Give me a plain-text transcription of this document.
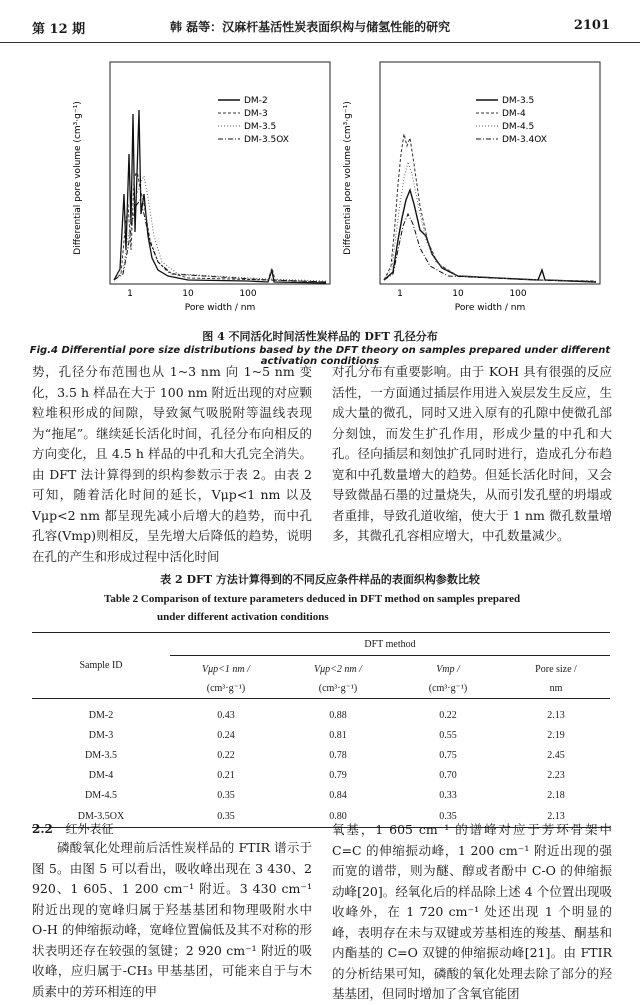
第 12 期	韩 磊等：汉麻杆基活性炭表面织构与储氢性能的研究	2101
Differential pore volume (cm³·g⁻¹)
Pore width / nm
1	10	100
DM-2
DM-3
DM-3.5
DM-3.5OX	Differential pore volume (cm³·g⁻¹)
Pore width / nm
1	10	100
DM-3.5
DM-4
DM-4.5
DM-3.4OX
图 4 不同活化时间活性炭样品的 DFT 孔径分布
Fig.4 Differential pore size distributions based by the DFT theory on samples prepared under different activation conditions

势，孔径分布范围也从 1~3 nm 向 1~5 nm 变化，3.5 h 样品在大于 100 nm 附近出现的对应颗粒堆积形成的间隙，导致氮气吸脱附等温线表现为“拖尾”。继续延长活化时间，孔径分布向相反的方向变化，且 4.5 h 样品的中孔和大孔完全消失。由 DFT 法计算得到的织构参数示于表 2。由表 2 可知，随着活化时间的延长，Vμp<1 nm 以及 Vμp<2 nm 都呈现先减小后增大的趋势，而中孔孔容(Vmp)则相反，呈先增大后降低的趋势，说明在孔的产生和形成过程中活化时间

对孔分布有重要影响。由于 KOH 具有很强的反应活性，一方面通过插层作用进入炭层发生反应，生成大量的微孔，同时又进入原有的孔隙中使微孔部分刻蚀，而发生扩孔作用，形成少量的中孔和大孔。径向插层和刻蚀扩孔同时进行，造成孔分布趋宽和中孔数量增大的趋势。但延长活化时间，又会导致微晶石墨的过量烧失，从而引发孔壁的坍塌或者重排，导致孔道收缩，使大于 1 nm 微孔数量增多，其微孔孔容相应增大，中孔数量减少。

表 2 DFT 方法计算得到的不同反应条件样品的表面织构参数比较
Table 2 Comparison of texture parameters deduced in DFT method on samples prepared
under different activation conditions
Sample ID	DFT method			
	Vμp<1 nm /	Vμp<2 nm /	Vmp /	Pore size /
	(cm³·g⁻¹)	(cm³·g⁻¹)	(cm³·g⁻¹)	nm
DM-2	0.43	0.88	0.22	2.13
DM-3	0.24	0.81	0.55	2.19
DM-3.5	0.22	0.78	0.75	2.45
DM-4	0.21	0.79	0.70	2.23
DM-4.5	0.35	0.84	0.33	2.18
DM-3.5OX	0.35	0.80	0.35	2.13
2.2 红外表征

磷酸氧化处理前后活性炭样品的 FTIR 谱示于图 5。由图 5 可以看出，吸收峰出现在 3 430、2 920、1 605、1 200 cm⁻¹ 附近。3 430 cm⁻¹ 附近出现的宽峰归属于羟基基团和物理吸附水中 O-H 的伸缩振动峰，宽峰位置偏低及其不对称的形状表明还存在较强的氢键；2 920 cm⁻¹ 附近的吸收峰，应归属于-CH₃ 甲基基团，可能来自于与木质素中的芳环相连的甲

氧基，1 605 cm⁻¹ 的谱峰对应于芳环骨架中 C=C 的伸缩振动峰，1 200 cm⁻¹ 附近出现的强而宽的谱带，则为醚、醇或者酚中 C-O 的伸缩振动峰[20]。经氧化后的样品除上述 4 个位置出现吸收峰外，在 1 720 cm⁻¹ 处还出现 1 个明显的峰，表明存在未与双键或芳基相连的羧基、酮基和内酯基的 C=O 双键的伸缩振动峰[21]。由 FTIR 的分析结果可知，磷酸的氧化处理去除了部分的羟基基团，但同时增加了含氧官能团
